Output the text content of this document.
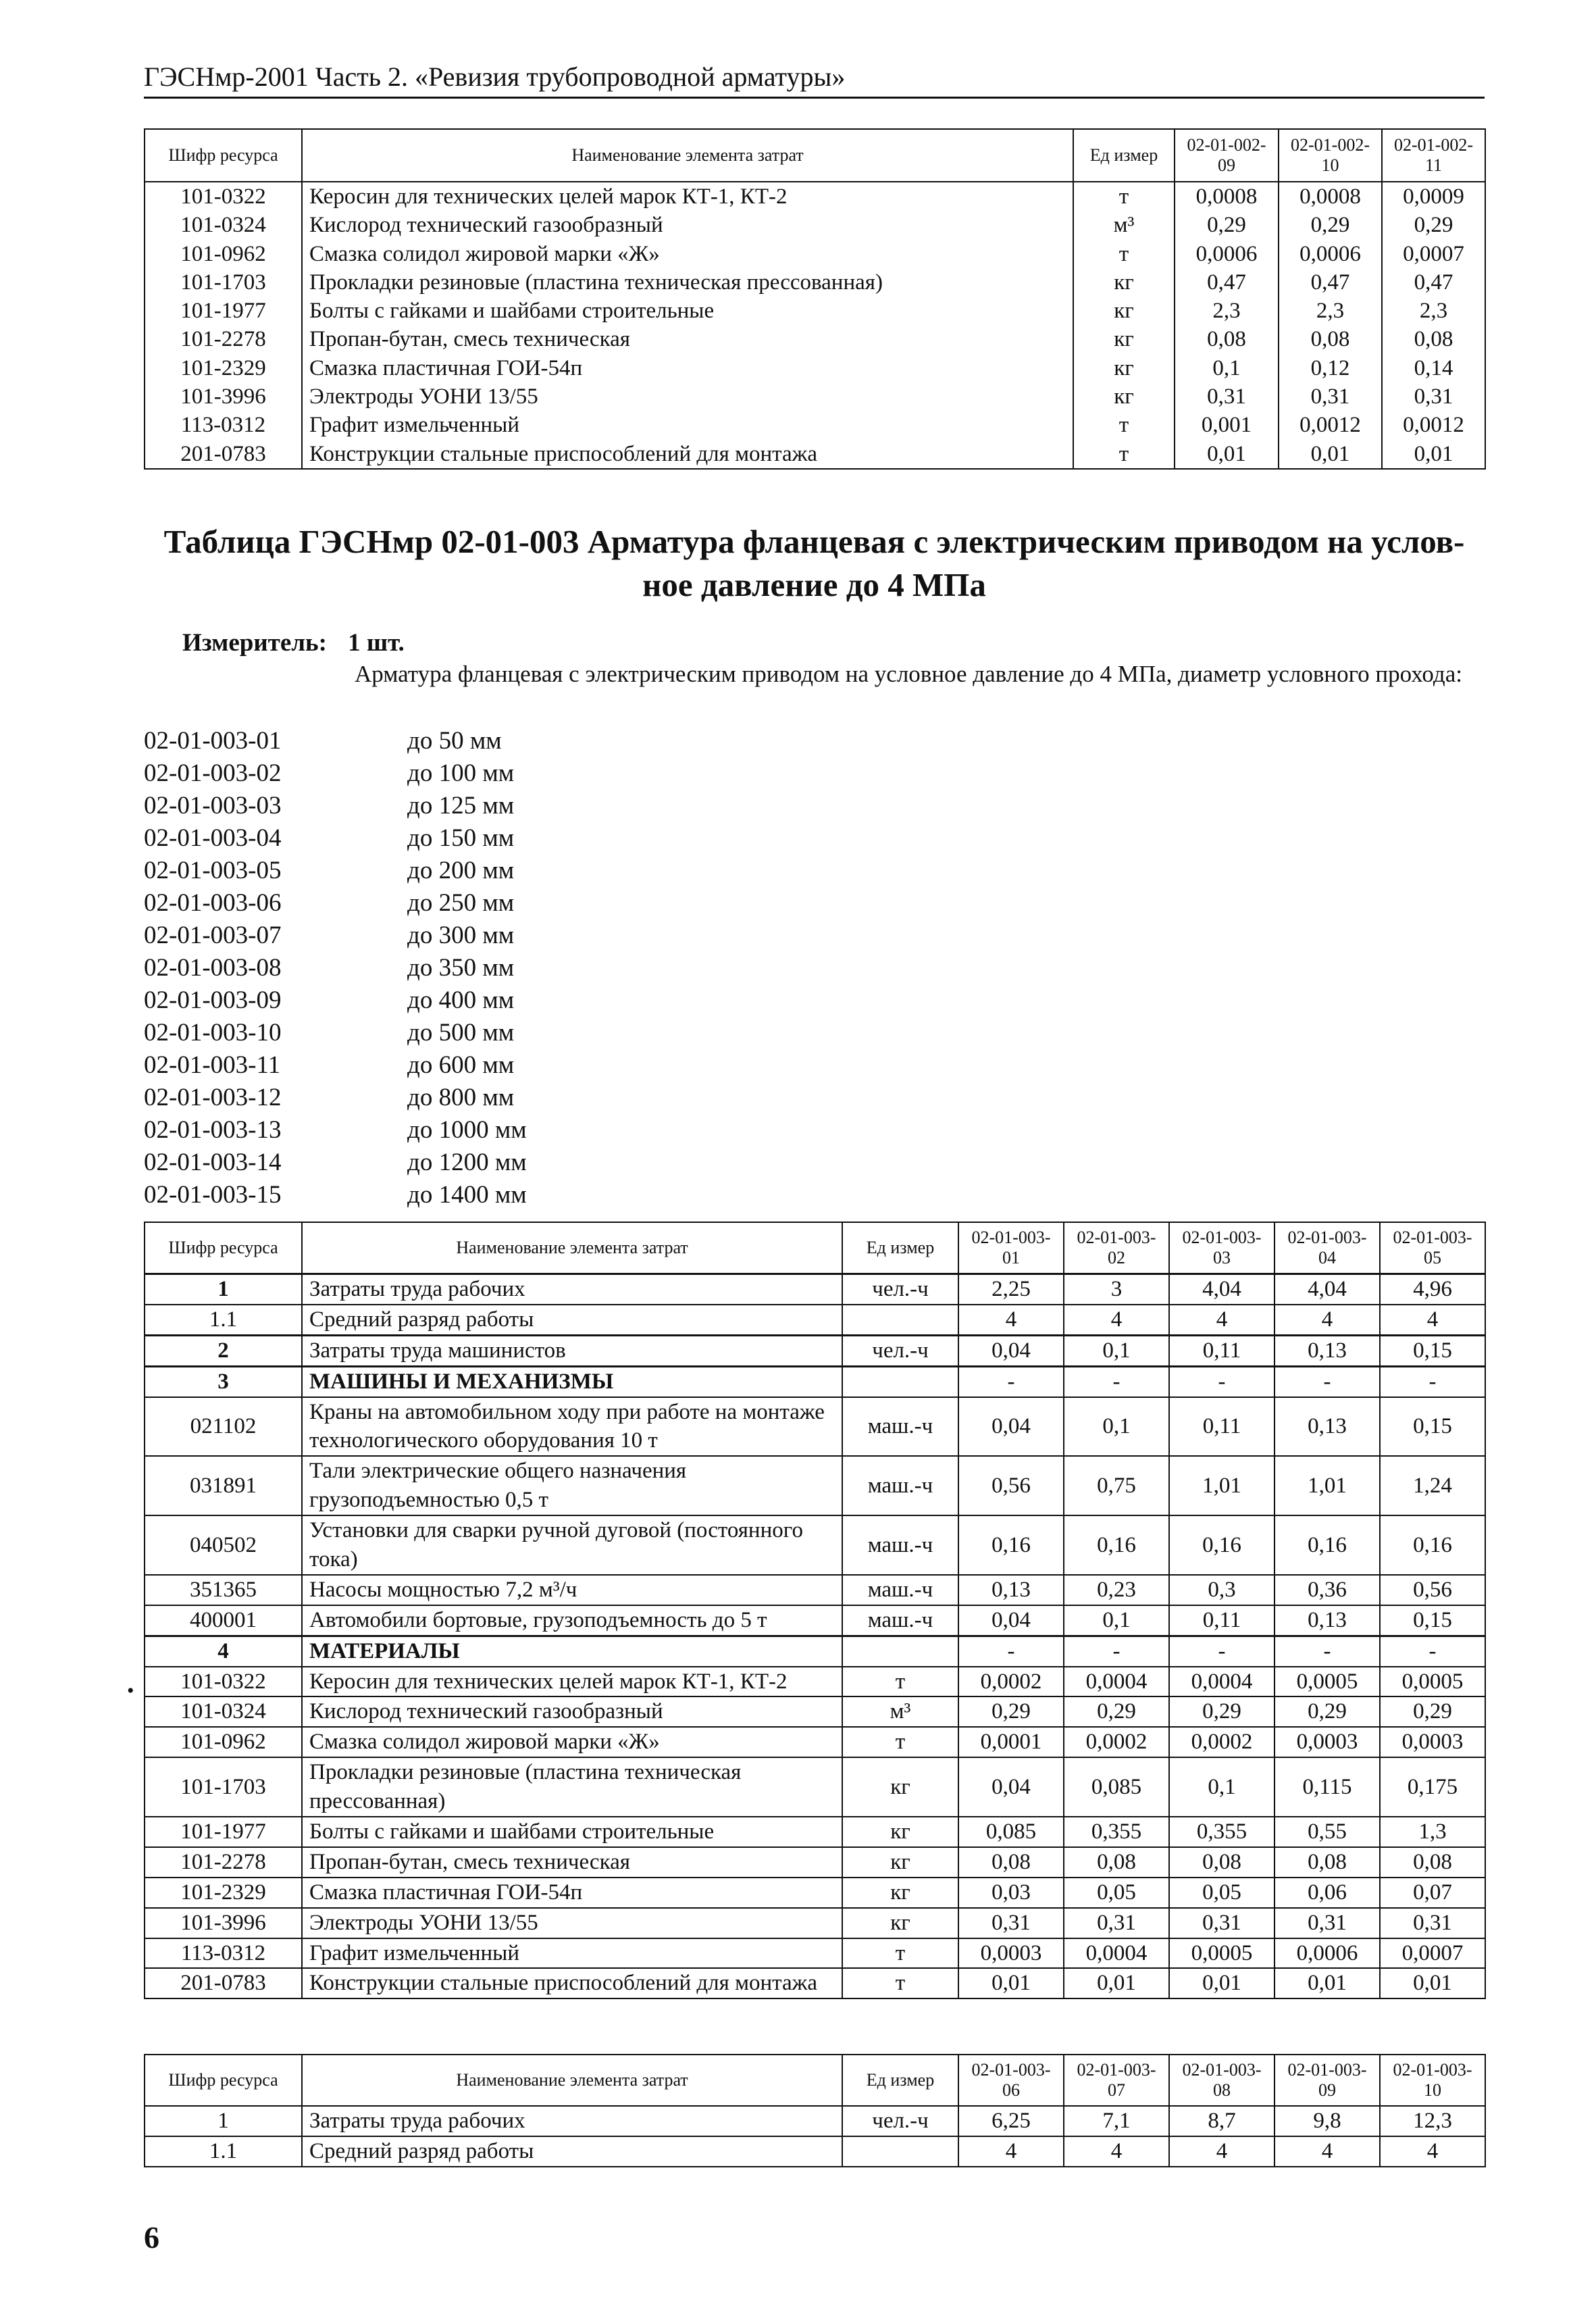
ГЭСНмр-2001 Часть 2. «Ревизия трубопроводной арматуры»
Шифр ресурса	Наименование элемента затрат	Ед измер	02-01-002-09	02-01-002-10	02-01-002-11
101-0322	Керосин для технических целей марок КТ-1, КТ-2	т	0,0008	0,0008	0,0009
101-0324	Кислород технический газообразный	м³	0,29	0,29	0,29
101-0962	Смазка солидол жировой марки «Ж»	т	0,0006	0,0006	0,0007
101-1703	Прокладки резиновые (пластина техническая прессованная)	кг	0,47	0,47	0,47
101-1977	Болты с гайками и шайбами строительные	кг	2,3	2,3	2,3
101-2278	Пропан-бутан, смесь техническая	кг	0,08	0,08	0,08
101-2329	Смазка пластичная ГОИ-54п	кг	0,1	0,12	0,14
101-3996	Электроды УОНИ 13/55	кг	0,31	0,31	0,31
113-0312	Графит измельченный	т	0,001	0,0012	0,0012
201-0783	Конструкции стальные приспособлений для монтажа	т	0,01	0,01	0,01
Таблица ГЭСНмр 02-01-003 Арматура фланцевая с электрическим приводом на услов-
ное давление до 4 МПа
Измеритель: 1 шт.
Арматура фланцевая с электрическим приводом на условное давление до 4 МПа, диаметр условного прохода:
02-01-003-01	до 50 мм
02-01-003-02	до 100 мм
02-01-003-03	до 125 мм
02-01-003-04	до 150 мм
02-01-003-05	до 200 мм
02-01-003-06	до 250 мм
02-01-003-07	до 300 мм
02-01-003-08	до 350 мм
02-01-003-09	до 400 мм
02-01-003-10	до 500 мм
02-01-003-11	до 600 мм
02-01-003-12	до 800 мм
02-01-003-13	до 1000 мм
02-01-003-14	до 1200 мм
02-01-003-15	до 1400 мм
Шифр ресурса	Наименование элемента затрат	Ед измер	02-01-003-01	02-01-003-02	02-01-003-03	02-01-003-04	02-01-003-05
1	Затраты труда рабочих	чел.-ч	2,25	3	4,04	4,04	4,96
1.1	Средний разряд работы		4	4	4	4	4
2	Затраты труда машинистов	чел.-ч	0,04	0,1	0,11	0,13	0,15
3	МАШИНЫ И МЕХАНИЗМЫ		-	-	-	-	-
021102	Краны на автомобильном ходу при работе на монтаже технологического оборудования 10 т	маш.-ч	0,04	0,1	0,11	0,13	0,15
031891	Тали электрические общего назначения грузоподъемностью 0,5 т	маш.-ч	0,56	0,75	1,01	1,01	1,24
040502	Установки для сварки ручной дуговой (постоянного тока)	маш.-ч	0,16	0,16	0,16	0,16	0,16
351365	Насосы мощностью 7,2 м³/ч	маш.-ч	0,13	0,23	0,3	0,36	0,56
400001	Автомобили бортовые, грузоподъемность до 5 т	маш.-ч	0,04	0,1	0,11	0,13	0,15
4	МАТЕРИАЛЫ		-	-	-	-	-
101-0322	Керосин для технических целей марок КТ-1, КТ-2	т	0,0002	0,0004	0,0004	0,0005	0,0005
101-0324	Кислород технический газообразный	м³	0,29	0,29	0,29	0,29	0,29
101-0962	Смазка солидол жировой марки «Ж»	т	0,0001	0,0002	0,0002	0,0003	0,0003
101-1703	Прокладки резиновые (пластина техническая прессованная)	кг	0,04	0,085	0,1	0,115	0,175
101-1977	Болты с гайками и шайбами строительные	кг	0,085	0,355	0,355	0,55	1,3
101-2278	Пропан-бутан, смесь техническая	кг	0,08	0,08	0,08	0,08	0,08
101-2329	Смазка пластичная ГОИ-54п	кг	0,03	0,05	0,05	0,06	0,07
101-3996	Электроды УОНИ 13/55	кг	0,31	0,31	0,31	0,31	0,31
113-0312	Графит измельченный	т	0,0003	0,0004	0,0005	0,0006	0,0007
201-0783	Конструкции стальные приспособлений для монтажа	т	0,01	0,01	0,01	0,01	0,01
Шифр ресурса	Наименование элемента затрат	Ед измер	02-01-003-06	02-01-003-07	02-01-003-08	02-01-003-09	02-01-003-10
1	Затраты труда рабочих	чел.-ч	6,25	7,1	8,7	9,8	12,3
1.1	Средний разряд работы		4	4	4	4	4
•
6
